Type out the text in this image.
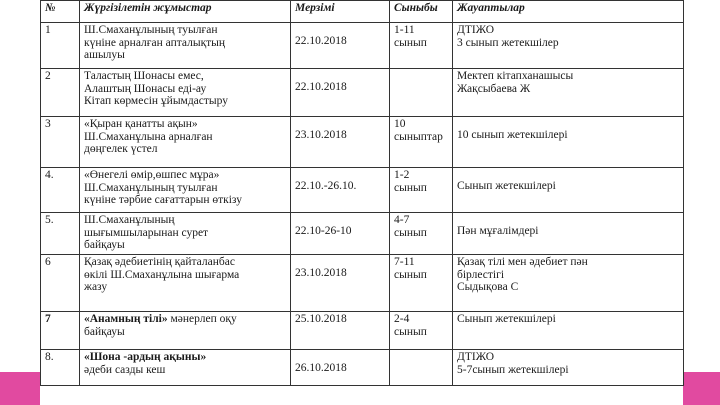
№	Жүргізілетін жұмыстар	Мерзімі	Сыныбы	Жауаптылар
1	Ш.Смаханұлының туылған
күніне арналған апталықтың
ашылуы	22.10.2018	1-11
сынып	ДТІЖО
3 сынып жетекшілер

2	Таластың Шонасы емес,
Алаштың Шонасы еді-ау
Кітап көрмесін ұйымдастыру	22.10.2018		Мектеп кітапханашысы
Жақсыбаева Ж

3	«Қыран қанатты ақын»
Ш.Смаханұлына арналған
дөңгелек үстел	23.10.2018	10
сыныптар	10 сынып жетекшілері

4.	«Өнегелі өмір,өшпес мұра»
Ш.Смаханұлының туылған
күніне тәрбие сағаттарын өткізу	22.10.-26.10.	1-2
сынып	Сынып жетекшілері

5.	Ш.Смаханұлының
шығымшыларынан сурет
байқауы	22.10-26-10	4-7
сынып	Пән мұғалімдері

6	Қазақ әдебиетінің қайталанбас
өкілі Ш.Смаханұлына шығарма
жазу	23.10.2018	7-11
сынып	Қазақ тілі мен әдебиет пән
бірлестігі
Сыдықова С

7	«Анамның тілі» мәнерлеп оқу
байқауы	25.10.2018	2-4
сынып	Сынып жетекшілері

8.	«Шона -ардың ақыны»
әдеби сазды кеш	26.10.2018		ДТІЖО
5-7сынып жетекшілері
